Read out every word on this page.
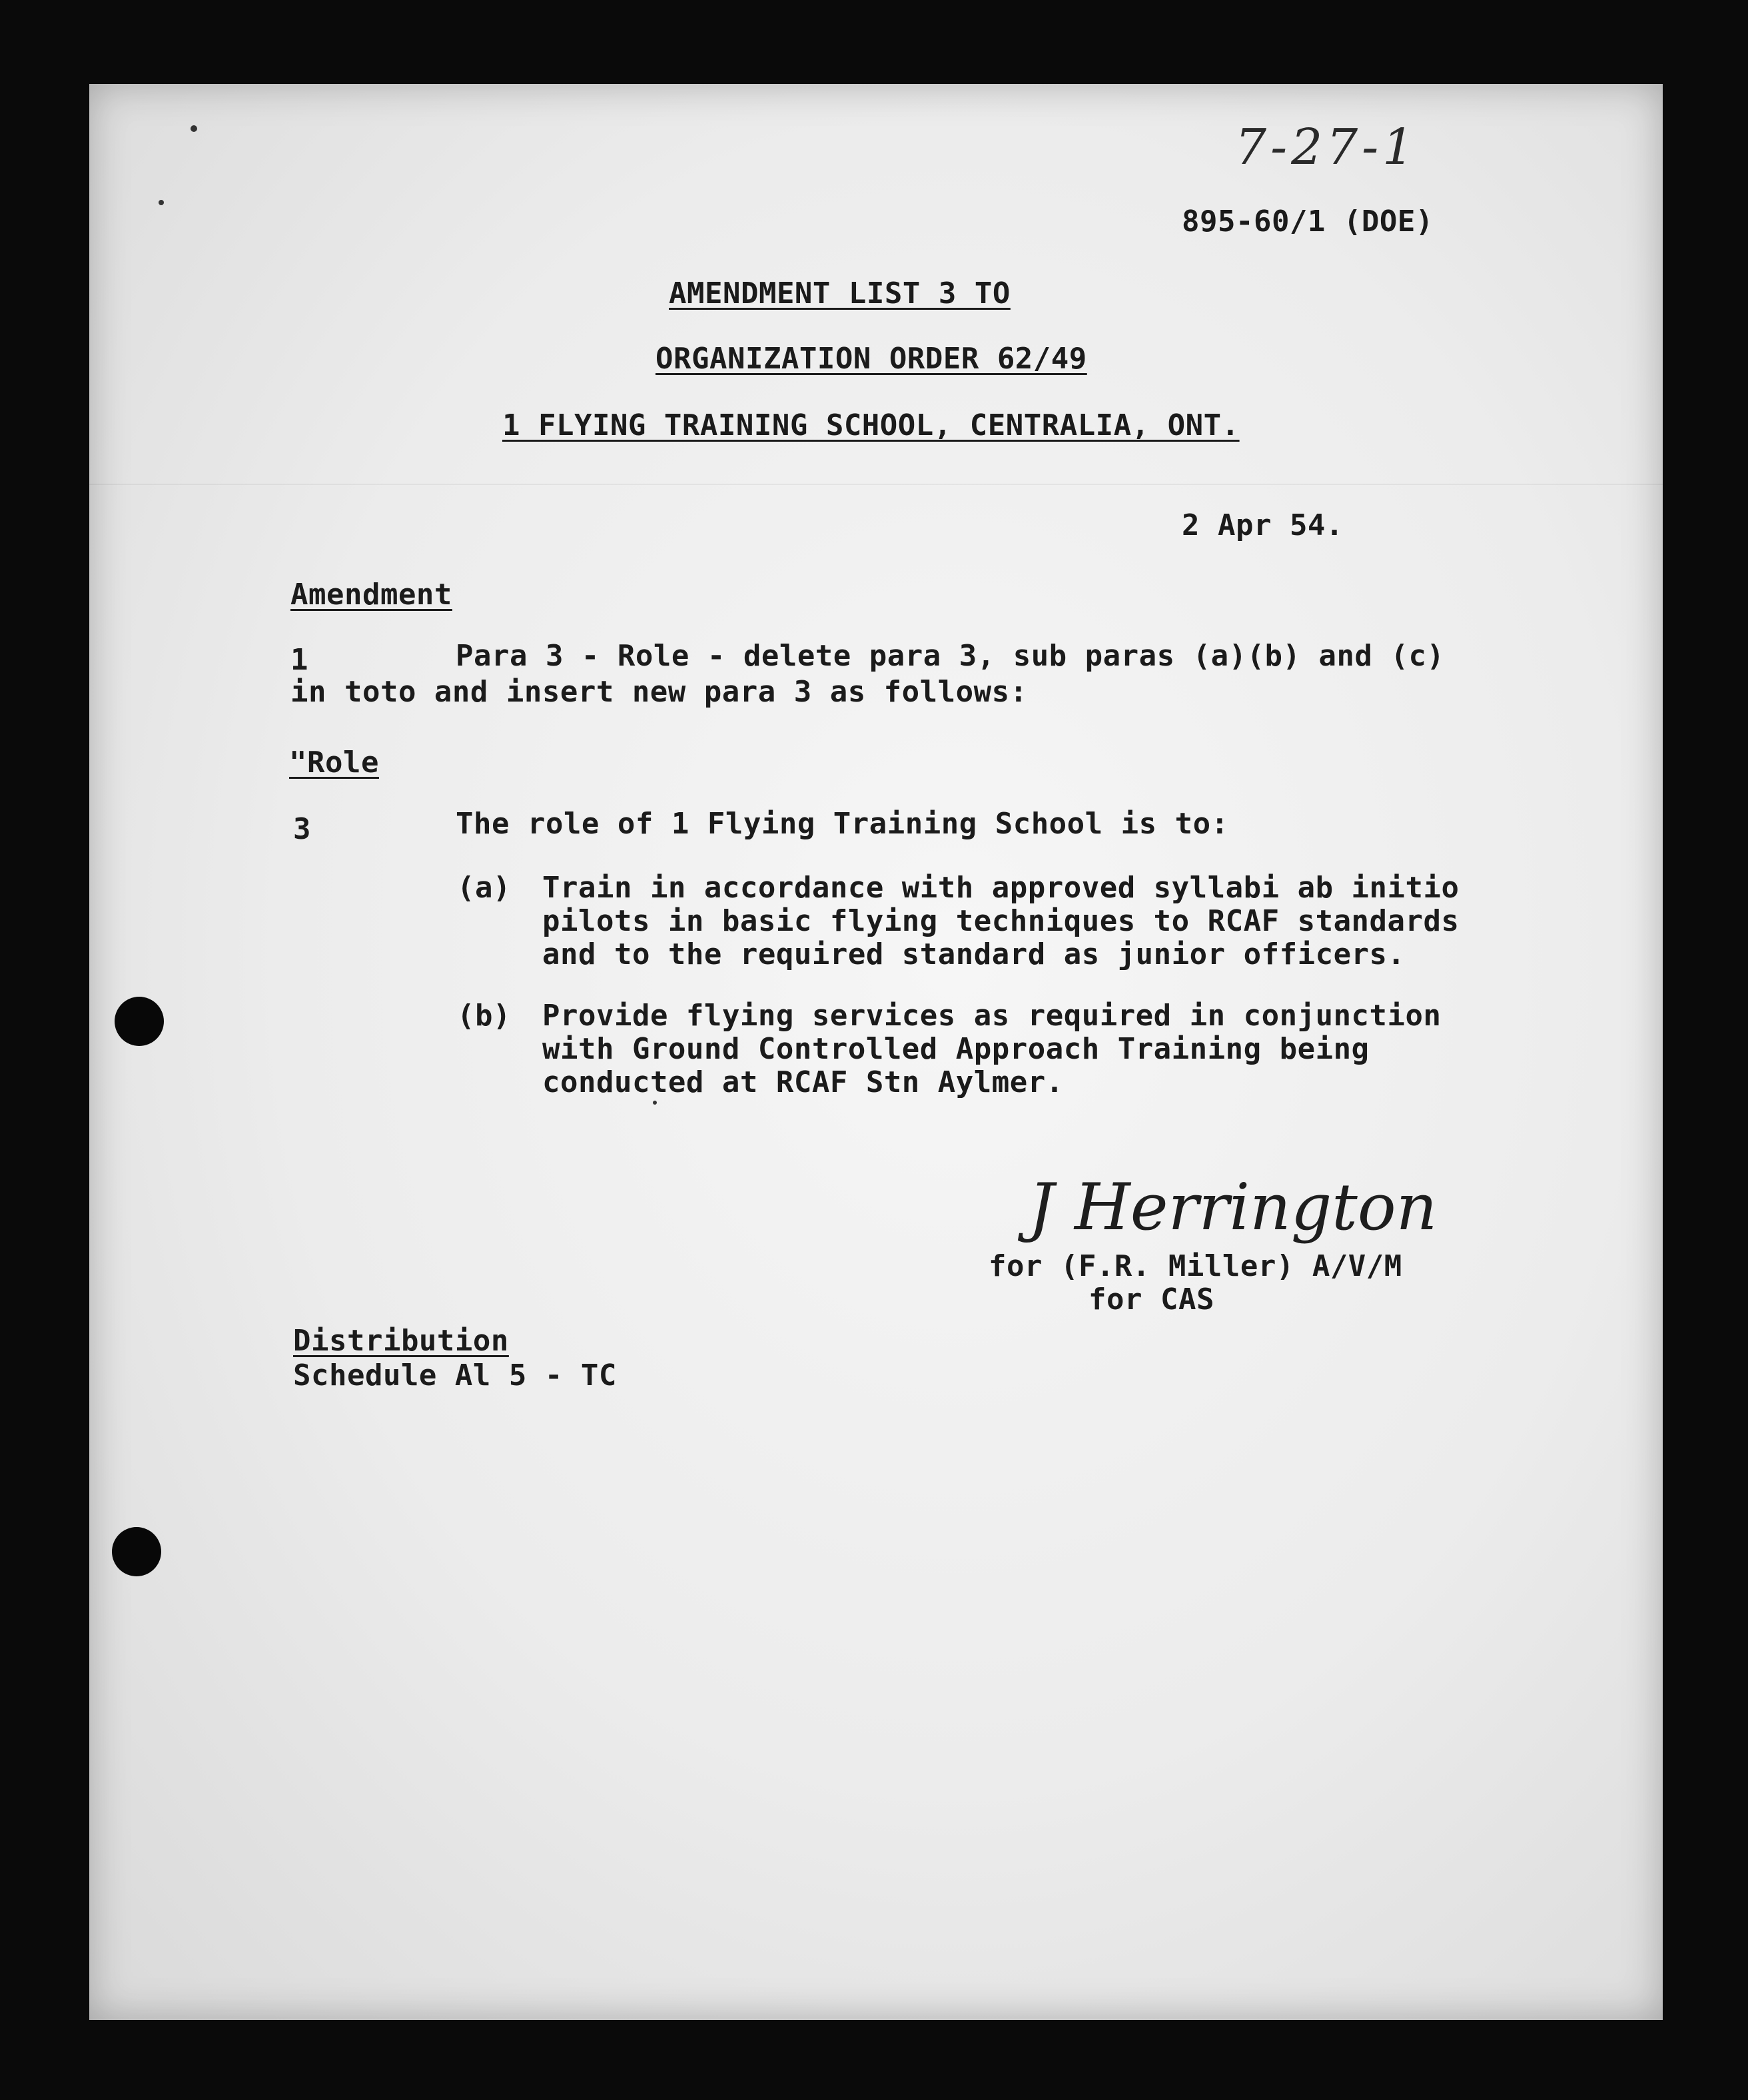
7-27-1
895-60/1 (DOE)
AMENDMENT LIST 3 TO
ORGANIZATION ORDER 62/49
1 FLYING TRAINING SCHOOL, CENTRALIA, ONT.
2 Apr 54.
Amendment
1	Para 3 - Role - delete para 3, sub paras (a)(b) and (c)
in toto and insert new para 3 as follows:
"Role
3	The role of 1 Flying Training School is to:
(a) Train in accordance with approved syllabi ab initio
pilots in basic flying techniques to RCAF standards
and to the required standard as junior officers.
(b) Provide flying services as required in conjunction
with Ground Controlled Approach Training being
conducted at RCAF Stn Aylmer.
J Herrington
for (F.R. Miller) A/V/M
for CAS
Distribution
Schedule Al 5 - TC
